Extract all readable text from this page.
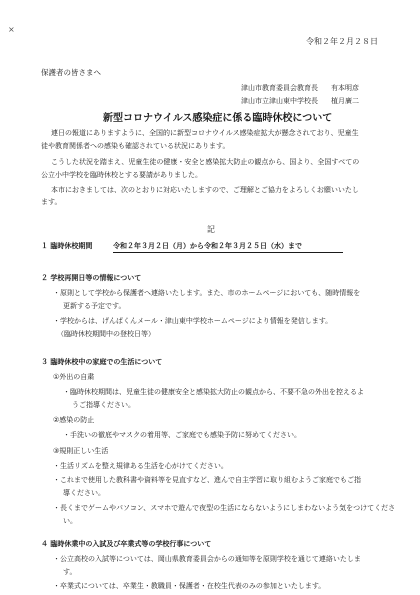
×
令和２年２月２８日
保護者の皆さまへ
津山市教育委員会教育長 有本明彦
津山市立津山東中学校長 植月廣二
新型コロナウイルス感染症に係る臨時休校について
連日の報道にありますように、全国的に新型コロナウイルス感染症拡大が懸念されており、児童生
徒や教育関係者への感染も確認されている状況にあります。
こうした状況を踏まえ、児童生徒の健康・安全と感染拡大防止の観点から、国より、全国すべての
公立小中学校を臨時休校とする要請がありました。
本市におきましては、次のとおりに対応いたしますので、ご理解とご協力をよろしくお願いいたし
ます。
記
１ 臨時休校期間	令和２年３月２日（月）から令和２年３月２５日（水）まで
２ 学校再開日等の情報について
・原則として学校から保護者へ連絡いたします。また、市のホームページにおいても、随時情報を
更新する予定です。
・学校からは、げんぱくんメール・津山東中学校ホームページにより情報を発信します。
（臨時休校期間中の登校日等）
３ 臨時休校中の家庭での生活について
①外出の自粛
・臨時休校期間は、児童生徒の健康安全と感染拡大防止の観点から、不要不急の外出を控えるよ
うご指導ください。
②感染の防止
・手洗いの徹底やマスクの着用等、ご家庭でも感染予防に努めてください。
③規則正しい生活
・生活リズムを整え規律ある生活を心がけてください。
・これまで使用した教科書や資料等を見直すなど、進んで自主学習に取り組むようご家庭でもご指
導ください。
・長くまでゲームやパソコン、スマホで遊んで夜型の生活にならないようにしまわないよう気をつけてくださ
い。
４ 臨時休業中の入試及び卒業式等の学校行事について
・公立高校の入試等については、岡山県教育委員会からの通知等を原則学校を通じて連絡いたしま
す。
・卒業式については、卒業生・教職員・保護者・在校生代表のみの参加といたします。
